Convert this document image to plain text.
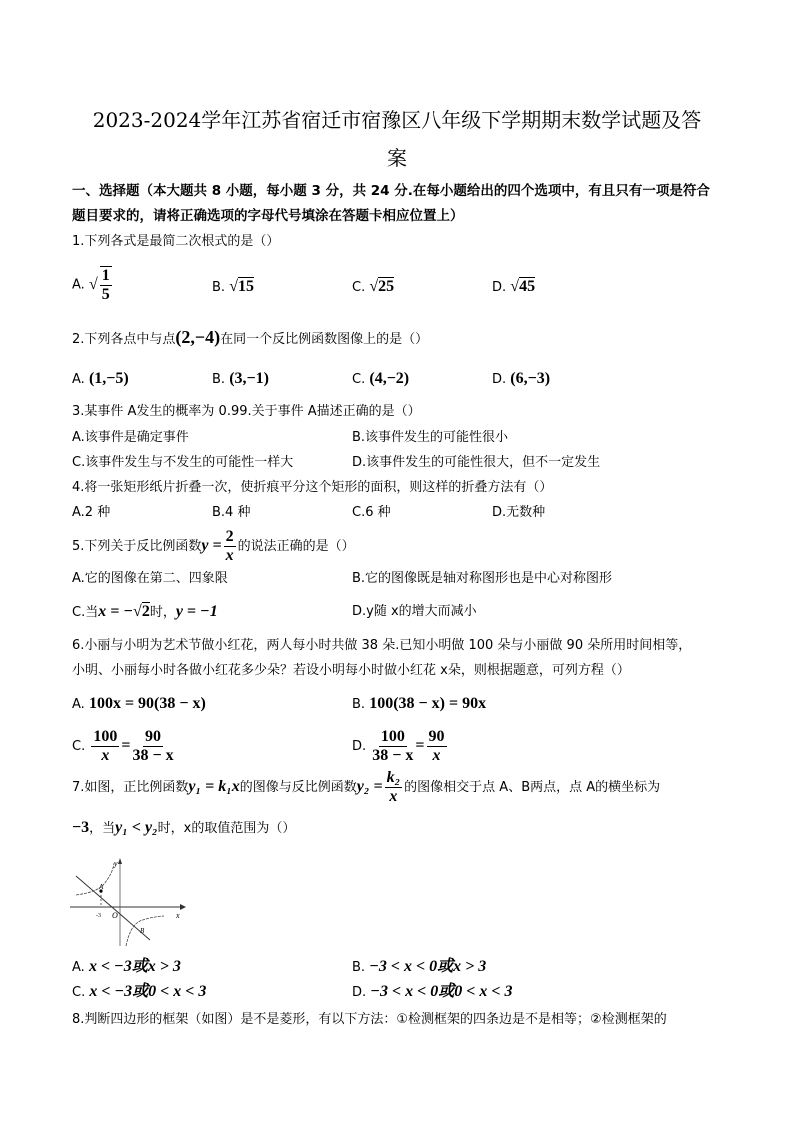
2023-2024学年江苏省宿迁市宿豫区八年级下学期期末数学试题及答
案
一、选择题（本大题共 8 小题，每小题 3 分，共 24 分.在每小题给出的四个选项中，有且只有一项是符合
题目要求的，请将正确选项的字母代号填涂在答题卡相应位置上）
1.下列各式是最简二次根式的是（）
A. √ $\frac{1}{5}$	B. √15	C. √25	D. √45
2.下列各点中与点(2,−4)在同一个反比例函数图像上的是（）
A. (1,−5)	B. (3,−1)	C. (4,−2)	D. (6,−3)
3.某事件 A发生的概率为 0.99.关于事件 A描述正确的是（）
A.该事件是确定事件	B.该事件发生的可能性很小
C.该事件发生与不发生的可能性一样大	D.该事件发生的可能性很大，但不一定发生
4.将一张矩形纸片折叠一次，使折痕平分这个矩形的面积，则这样的折叠方法有（）
A.2 种	B.4 种	C.6 种	D.无数种
5.下列关于反比例函数$y = \frac{2}{x}$ 的说法正确的是（）
A.它的图像在第二、四象限	B.它的图像既是轴对称图形也是中心对称图形
C.当x = −√2时，y = −1	D.y随 x的增大而减小
6.小丽与小明为艺术节做小红花，两人每小时共做 38 朵.已知小明做 100 朵与小丽做 90 朵所用时间相等，
小明、小丽每小时各做小红花多少朵？若设小明每小时做小红花 x朵，则根据题意，可列方程（）
A. 100x = 90(38 − x)	B. 100(38 − x) = 90x
C. $\frac{100}{x} = \frac{90}{38 - x}$	D. $\frac{100}{38 - x} = \frac{90}{x}$
7.如图，正比例函数y₁ = k₁x的图像与反比例函数$y_2 = \frac{\text{k₂}}{x}$ 的图像相交于点 A、B两点，点 A的横坐标为
−3，当y₁ < y₂时，x的取值范围为（）
y
x
O
A
B
-3
A. x < −3或x > 3	B. −3 < x < 0或x > 3
C. x < −3或0 < x < 3	D. −3 < x < 0或0 < x < 3
8.判断四边形的框架（如图）是不是菱形，有以下方法：①检测框架的四条边是不是相等；②检测框架的
